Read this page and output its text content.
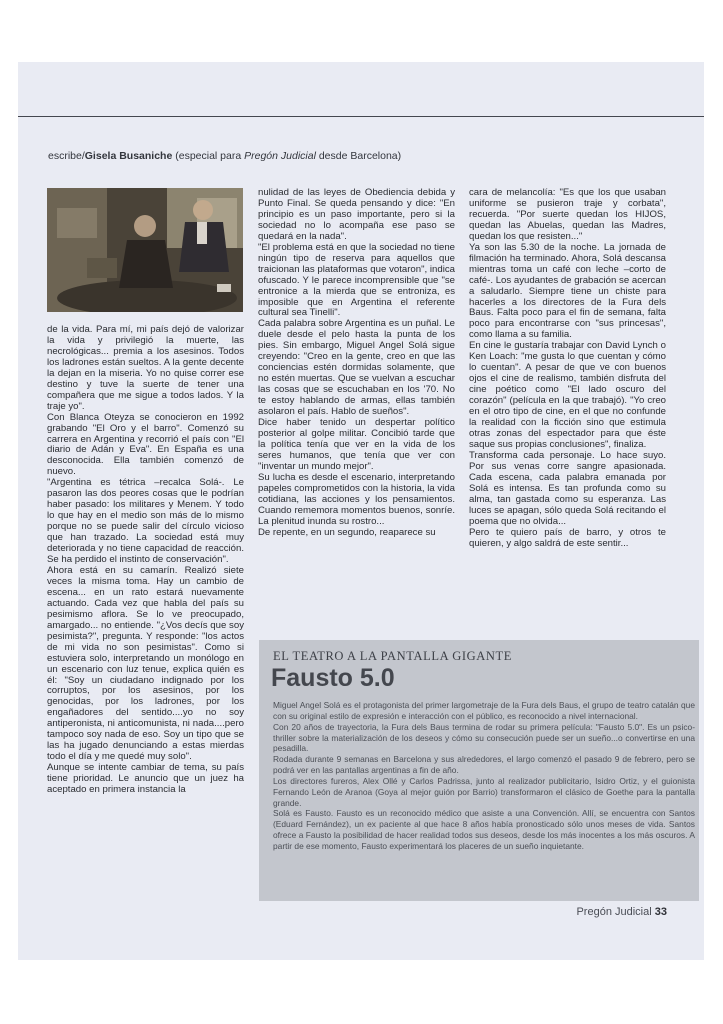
escribe/Gisela Busaniche (especial para Pregón Judicial desde Barcelona)

de la vida. Para mí, mi país dejó de valorizar la vida y privilegió la muerte, las necrológicas... premia a los asesinos. Todos los ladrones están sueltos. A la gente decente la dejan en la miseria. Yo no quise correr ese destino y tuve la suerte de tener una compañera que me sigue a todos lados. Y la traje yo".

Con Blanca Oteyza se conocieron en 1992 grabando "El Oro y el barro". Comenzó su carrera en Argentina y recorrió el país con "El diario de Adán y Eva". En España es una desconocida. Ella también comenzó de nuevo.

"Argentina es tétrica –recalca Solá-. Le pasaron las dos peores cosas que le podrían haber pasado: los militares y Menem. Y todo lo que hay en el medio son más de lo mismo porque no se puede salir del círculo vicioso que han trazado. La sociedad está muy deteriorada y no tiene capacidad de reacción. Se ha perdido el instinto de conservación".

Ahora está en su camarín. Realizó siete veces la misma toma. Hay un cambio de escena... en un rato estará nuevamente actuando. Cada vez que habla del país su pesimismo aflora. Se lo ve preocupado, amargado... no entiende. "¿Vos decís que soy pesimista?", pregunta. Y responde: "los actos de mi vida no son pesimistas". Como si estuviera solo, interpretando un monólogo en un escenario con luz tenue, explica quién es él: "Soy un ciudadano indignado por los corruptos, por los asesinos, por los genocidas, por los ladrones, por los engañadores del sentido....yo no soy antiperonista, ni anticomunista, ni nada....pero tampoco soy nada de eso. Soy un tipo que se las ha jugado denunciando a estas mierdas todo el día y me quedé muy solo".

Aunque se intente cambiar de tema, su país tiene prioridad. Le anuncio que un juez ha aceptado en primera instancia la

nulidad de las leyes de Obediencia debida y Punto Final. Se queda pensando y dice: "En principio es un paso importante, pero si la sociedad no lo acompaña ese paso se quedará en la nada".

"El problema está en que la sociedad no tiene ningún tipo de reserva para aquellos que traicionan las plataformas que votaron", indica ofuscado. Y le parece incomprensible que "se entronice a la mierda que se entroniza, es imposible que en Argentina el referente cultural sea Tinelli".

Cada palabra sobre Argentina es un puñal. Le duele desde el pelo hasta la punta de los pies. Sin embargo, Miguel Angel Solá sigue creyendo: "Creo en la gente, creo en que las conciencias estén dormidas solamente, que no estén muertas. Que se vuelvan a escuchar las cosas que se escuchaban en los '70. No te estoy hablando de armas, ellas también asolaron el país. Hablo de sueños".

Dice haber tenido un despertar político posterior al golpe militar. Concibió tarde que la política tenía que ver en la vida de los seres humanos, que tenía que ver con "inventar un mundo mejor".

Su lucha es desde el escenario, interpretando papeles comprometidos con la historia, la vida cotidiana, las acciones y los pensamientos. Cuando rememora momentos buenos, sonríe. La plenitud inunda su rostro...

De repente, en un segundo, reaparece su

cara de melancolía: "Es que los que usaban uniforme se pusieron traje y corbata", recuerda. "Por suerte quedan los HIJOS, quedan las Abuelas, quedan las Madres, quedan los que resisten..."

Ya son las 5.30 de la noche. La jornada de filmación ha terminado. Ahora, Solá descansa mientras toma un café con leche –corto de café-. Los ayudantes de grabación se acercan a saludarlo. Siempre tiene un chiste para hacerles a los directores de la Fura dels Baus. Falta poco para el fin de semana, falta poco para encontrarse con "sus princesas", como llama a su familia.

En cine le gustaría trabajar con David Lynch o Ken Loach: "me gusta lo que cuentan y cómo lo cuentan". A pesar de que ve con buenos ojos el cine de realismo, también disfruta del cine poético como "El lado oscuro del corazón" (película en la que trabajó). "Yo creo en el otro tipo de cine, en el que no confunde la realidad con la ficción sino que estimula otras zonas del espectador para que éste saque sus propias conclusiones", finaliza.

Transforma cada personaje. Lo hace suyo. Por sus venas corre sangre apasionada. Cada escena, cada palabra emanada por Solá es intensa. Es tan profunda como su alma, tan gastada como su esperanza. Las luces se apagan, sólo queda Solá recitando el poema que no olvida...

Pero te quiero país de barro, y otros te quieren, y algo saldrá de este sentir...

EL TEATRO A LA PANTALLA GIGANTE
Fausto 5.0

Miguel Angel Solá es el protagonista del primer largometraje de la Fura dels Baus, el grupo de teatro catalán que con su original estilo de expresión e interacción con el público, es reconocido a nivel internacional.

Con 20 años de trayectoria, la Fura dels Baus termina de rodar su primera película: "Fausto 5.0". Es un psico-thriller sobre la materialización de los deseos y cómo su consecución puede ser un sueño...o convertirse en una pesadilla.

Rodada durante 9 semanas en Barcelona y sus alrededores, el largo comenzó el pasado 9 de febrero, pero se podrá ver en las pantallas argentinas a fin de año.

Los directores fureros, Alex Ollé y Carlos Padrissa, junto al realizador publicitario, Isidro Ortiz, y el guionista Fernando León de Aranoa (Goya al mejor guión por Barrio) transformaron el clásico de Goethe para la pantalla grande.

Solá es Fausto. Fausto es un reconocido médico que asiste a una Convención. Allí, se encuentra con Santos (Eduard Fernández), un ex paciente al que hace 8 años había pronosticado sólo unos meses de vida. Santos ofrece a Fausto la posibilidad de hacer realidad todos sus deseos, desde los más inocentes a los más oscuros. A partir de ese momento, Fausto experimentará los placeres de un sueño inquietante.

Pregón Judicial 33
